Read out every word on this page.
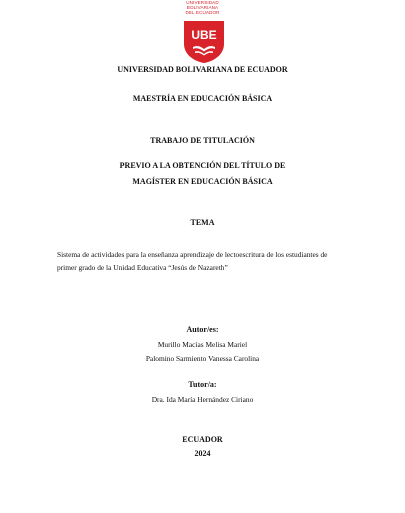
UNIVERSIDAD
BOLIVARIANA
DEL ECUADOR
UBE
UNIVERSIDAD BOLIVARIANA DE ECUADOR
MAESTRÍA EN EDUCACIÓN BÁSICA
TRABAJO DE TITULACIÓN
PREVIO A LA OBTENCIÓN DEL TÍTULO DE
MAGÍSTER EN EDUCACIÓN BÁSICA
TEMA
Sistema de actividades para la enseñanza aprendizaje de lectoescritura de los estudiantes de
primer grado de la Unidad Educativa “Jesús de Nazareth”
Autor/es:
Murillo Macías Melisa Mariel
Palomino Sarmiento Vanessa Carolina
Tutor/a:
Dra. Ida María Hernández Ciriano
ECUADOR
2024
